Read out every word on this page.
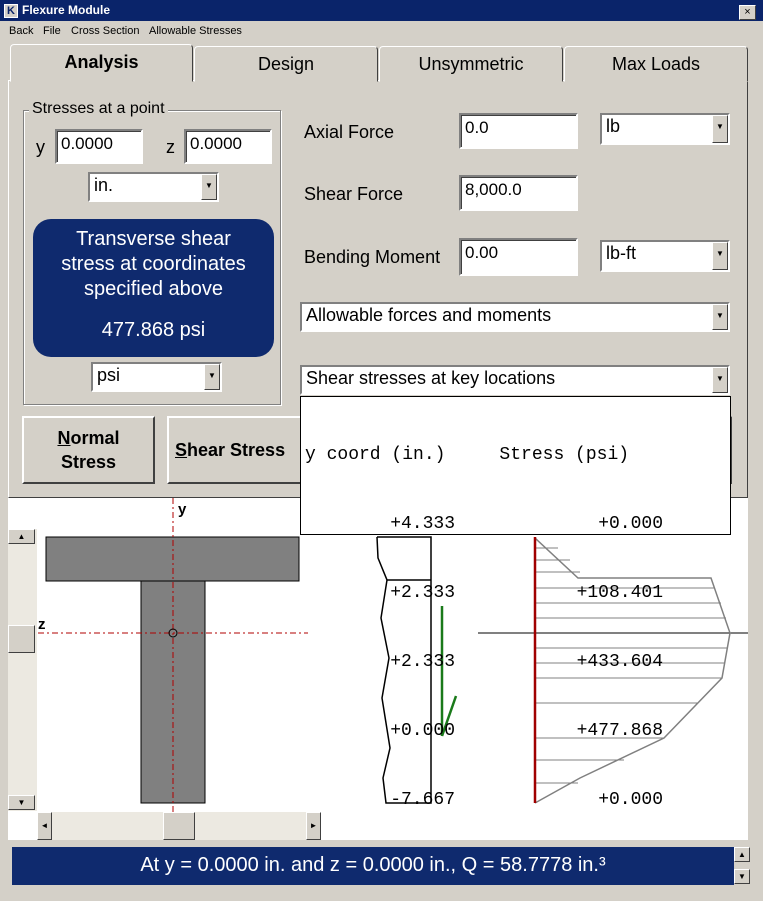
K Flexure Module	×
Back File Cross Section Allowable Stresses
Analysis	Design	Unsymmetric	Max Loads
Stresses at a point
y 0.0000	z 0.0000
in.	▼
Transverse shear
stress at coordinates
specified above
477.868 psi
psi	▼
Axial Force	0.0	lb	▼
Shear Force	8,000.0
Bending Moment	0.00	lb-ft	▼
Allowable forces and moments	▼
Normal
Stress
Shear Stress
y
z
▲
▼
◄	►
At y = 0.0000 in. and z = 0.0000 in., Q = 58.7778 in.³	▲
▼
Shear stresses at key locations	▼

y coord (in.)     Stress (psi)

+4.333	+0.000

+2.333	+108.401

+2.333	+433.604

+0.000	+477.868

-7.667	+0.000
